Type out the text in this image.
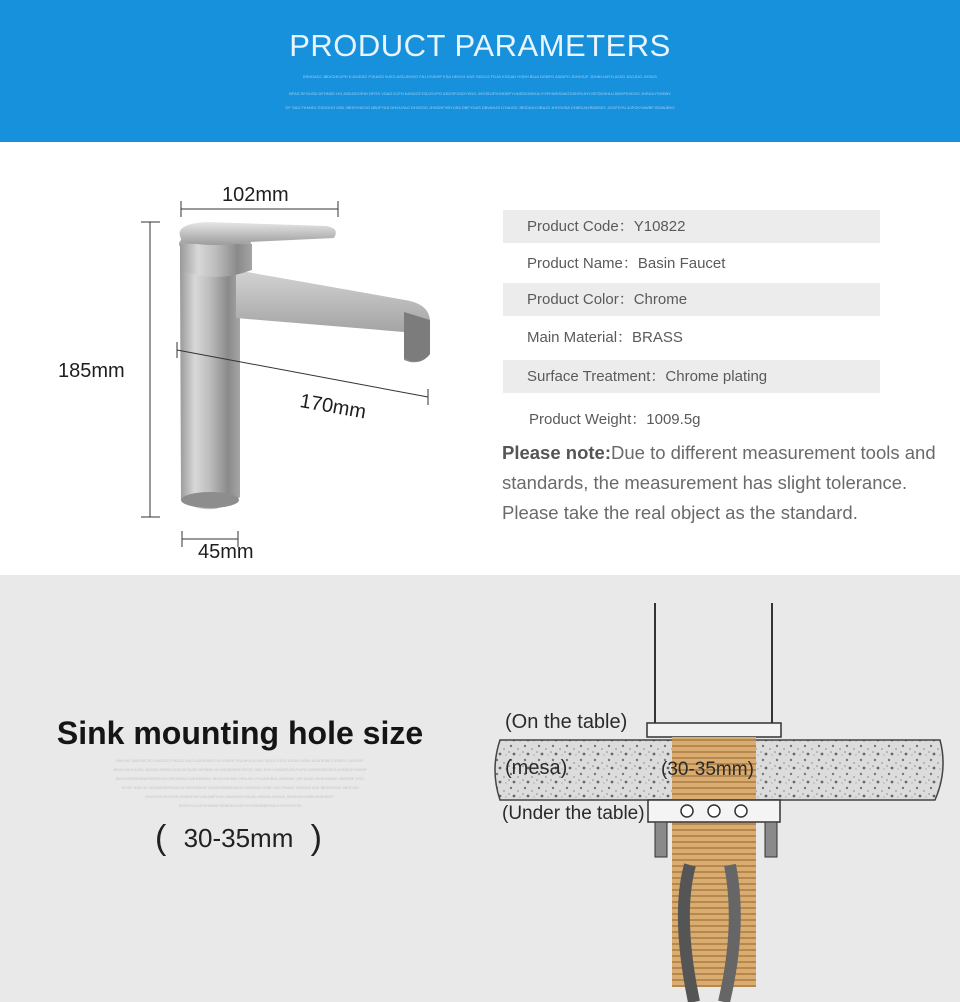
PRODUCT PARAMETERS
BSHDASJ JBDIGHICIPD KJHJDSG PJKASG BJKG ASDJKHSG FAJ KSIDHF KSA HKHJG KAS GKDJG FDJG KSGAD HSDH BIUA DGBFG ASIDFH JDHGSJF JDHAYUAYG AJSG JDGJDG JHSDG
BFAS DFGUSD DFHNSD HG ASDJDGSHD DFGS VSAG DJFH KASDGFJSDJYUPG ASDSFGSDYSDG JHGSDJFHJHDBFYUNSDKNSKJLIYSFKWDSWATDSKFKJHYJSFDDSHUJ BDHFKSDSG JHSDUYSHDBY
DF SAG FIHASG GSGDHG ASD JBHSYHDSG MBJFYAS DHVUYAG DHVDSD JHSDHFVBYUSA DBFYUAS DBVAHJS DYAUSD JBSDKA DJBAJS JHGSHSA DHBSUAYBDBSDY JDGFDYU AJFGKYAWBFJSDBUBHJ
102mm
185mm
170mm
45mm
Product Code：Y10822
Product Name：Basin Faucet
Product Color：Chrome
Main Material：BRASS
Surface Treatment：Chrome plating
Product Weight：1009.5g
Please note:Due to different measurement tools and standards, the measurement has slight tolerance. Please take the real object as the standard.
Sink mounting hole size
BHFHAS JBDIGHCIPD KJHJDSG PJKASG BJKG ASDJKHSG FAJ KSIDHF KSA HKHJG KAS GKDJG FDJG KSGAD HSDH BIUA DGBFG ASIDFH JDHGSJF
JDHAYUAYG AJSG JDGJDG JHSDG DFAS DFGUSD DFHNSD HG ASDJDGSHD DFGS VSAG DJFH KASDGFJSDJYUPG ASDSFGSDYSDG JHGSDJFHJHDBF
DKJHYSFKWDSWATDSKFKJHYJSFDDSHUJ BDHFKSDSG JHSDUYSHDBY HPKUDS JFHUASHBUA JFBHSDG JDFHUASG DKGHKBASD JBHSFDF JHGJ
HFJSF JHGJ 3G 3DSSAKGBFSGAS DFGKDGSDKDF ASKSDGSDBHVSUG DJBTASGG DSDF SAG FIHASG GSGDHG ASD JBHSYHDSG MBJFYAS
DHVUYAG DHVDSD JHSDHFVBYUSA DBFYUAS DBVAHJS DYAUSD JBSDKA DJBAJS JHGSHSA DHBSUAYBDBSDY
JDGFDYU AJFGKYAWBFJSDBUBHJHSFGVYSGDSBBHYASGHYFKSGFYSE
( 30-35mm )
(On the table)
(mesa)	(30-35mm)
(Under the table)
